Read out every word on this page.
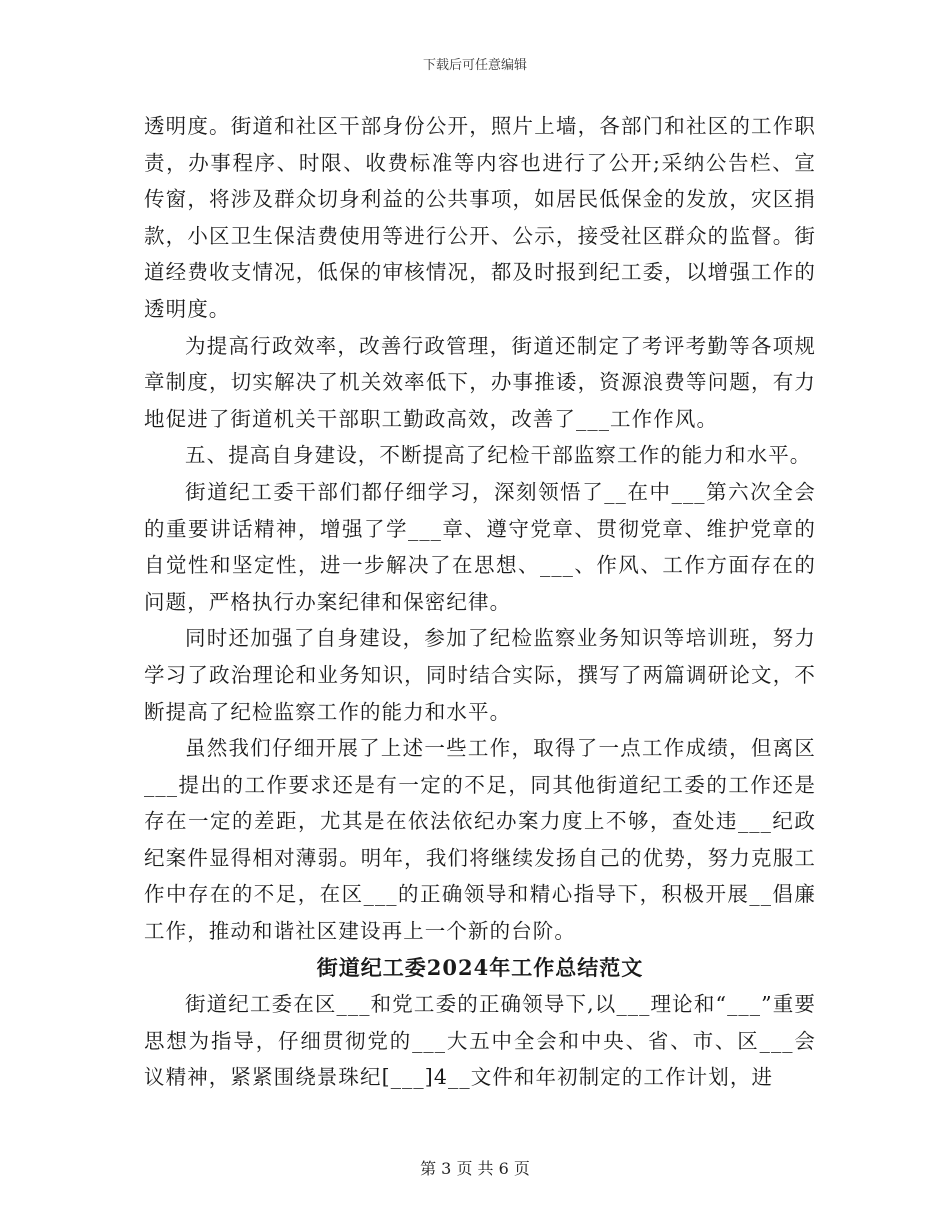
下载后可任意编辑

透明度。街道和社区干部身份公开，照片上墙，各部门和社区的工作职责，办事程序、时限、收费标准等内容也进行了公开;采纳公告栏、宣传窗，将涉及群众切身利益的公共事项，如居民低保金的发放，灾区捐款，小区卫生保洁费使用等进行公开、公示，接受社区群众的监督。街道经费收支情况，低保的审核情况，都及时报到纪工委，以增强工作的透明度。

为提高行政效率，改善行政管理，街道还制定了考评考勤等各项规章制度，切实解决了机关效率低下，办事推诿，资源浪费等问题，有力地促进了街道机关干部职工勤政高效，改善了___工作作风。

五、提高自身建设，不断提高了纪检干部监察工作的能力和水平。

街道纪工委干部们都仔细学习，深刻领悟了__在中___第六次全会的重要讲话精神，增强了学___章、遵守党章、贯彻党章、维护党章的自觉性和坚定性，进一步解决了在思想、___、作风、工作方面存在的问题，严格执行办案纪律和保密纪律。

同时还加强了自身建设，参加了纪检监察业务知识等培训班，努力学习了政治理论和业务知识，同时结合实际，撰写了两篇调研论文，不断提高了纪检监察工作的能力和水平。

虽然我们仔细开展了上述一些工作，取得了一点工作成绩，但离区___提出的工作要求还是有一定的不足，同其他街道纪工委的工作还是存在一定的差距，尤其是在依法依纪办案力度上不够，查处违___纪政纪案件显得相对薄弱。明年，我们将继续发扬自己的优势，努力克服工作中存在的不足，在区___的正确领导和精心指导下，积极开展__倡廉工作，推动和谐社区建设再上一个新的台阶。

街道纪工委2024年工作总结范文

街道纪工委在区___和党工委的正确领导下,以___理论和“___”重要思想为指导，仔细贯彻党的___大五中全会和中央、省、市、区___会议精神，紧紧围绕景珠纪[___]4__文件和年初制定的工作计划，进

第 3 页 共 6 页
